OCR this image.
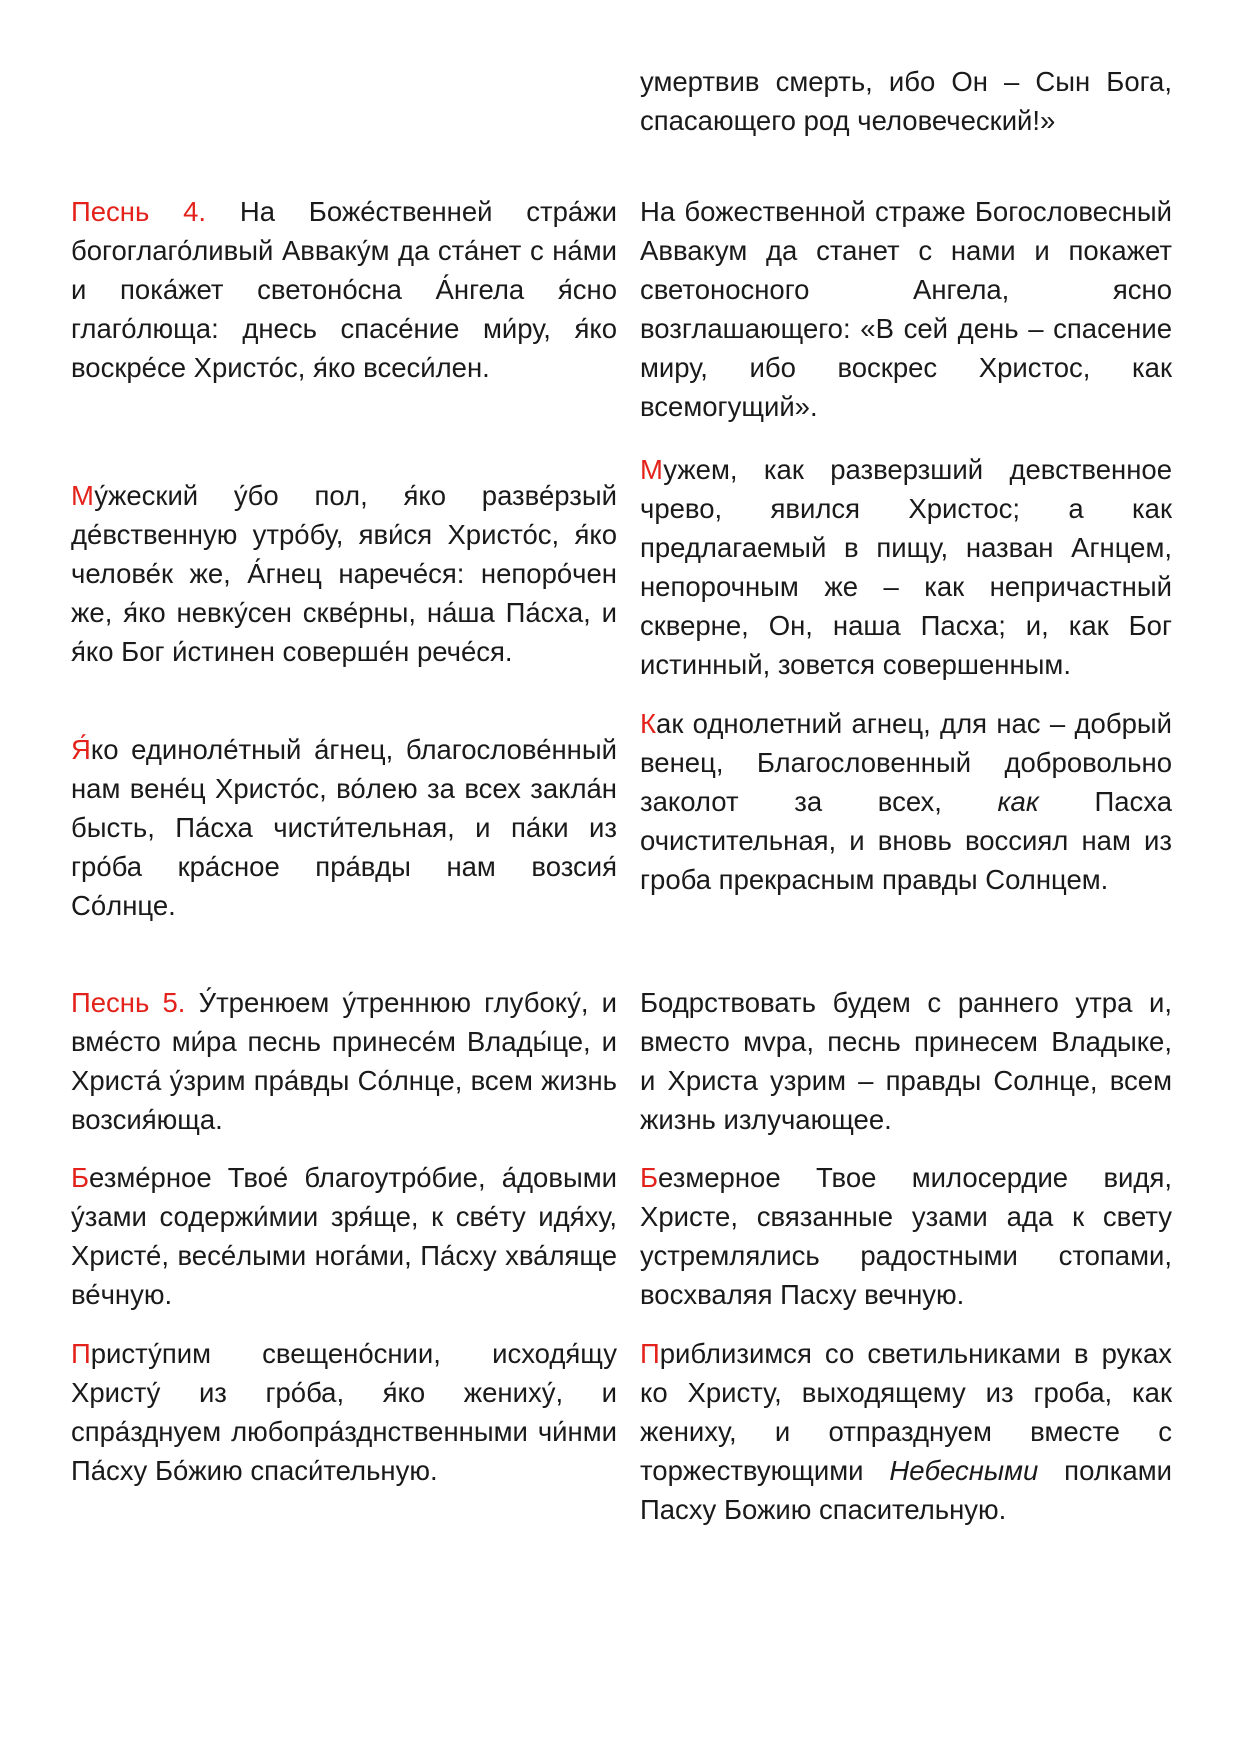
умертвив смерть, ибо Он – Сын Бога, спасающего род человеческий!»

Песнь 4. На Боже́ственней стра́жи богоглаго́ливый Авваку́м да ста́нет с на́ми и пока́жет светоно́сна А́нгела я́сно глаго́люща: днесь спасе́ние ми́ру, я́ко воскре́се Христо́с, я́ко всеси́лен.

На божественной страже Богословесный Аввакум да станет с нами и покажет светоносного Ангела, ясно возглашающего: «В сей день – спасение миру, ибо воскрес Христос, как всемогущий».

Му́жеский у́бо пол, я́ко разве́рзый де́вственную утро́бу, яви́ся Христо́с, я́ко челове́к же, А́гнец нарече́ся: непоро́чен же, я́ко невку́сен скве́рны, на́ша Па́сха, и я́ко Бог и́стинен соверше́н рече́ся.

Мужем, как разверзший девственное чрево, явился Христос; а как предлагаемый в пищу, назван Агнцем, непорочным же – как непричастный скверне, Он, наша Пасха; и, как Бог истинный, зовется совершенным.

Я́ко единоле́тный а́гнец, благослове́нный нам вене́ц Христо́с, во́лею за всех закла́н бысть, Па́сха чисти́тельная, и па́ки из гро́ба кра́сное пра́вды нам возсия́ Со́лнце.

Как однолетний агнец, для нас – добрый венец, Благословенный добровольно заколот за всех, как Пасха очистительная, и вновь воссиял нам из гроба прекрасным правды Солнцем.

Песнь 5. У́тренюем у́треннюю глубоку́, и вме́сто ми́ра песнь принесе́м Влады́це, и Христа́ у́зрим пра́вды Со́лнце, всем жизнь возсия́юща.

Бодрствовать будем с раннего утра и, вместо мvра, песнь принесем Владыке, и Христа узрим – правды Солнце, всем жизнь излучающее.

Безме́рное Твое́ благоутро́бие, а́довыми у́зами содержи́мии зря́ще, к све́ту идя́ху, Христе́, весе́лыми нога́ми, Па́сху хва́ляще ве́чную.

Безмерное Твое милосердие видя, Христе, связанные узами ада к свету устремлялись радостными стопами, восхваляя Пасху вечную.

Присту́пим свещено́снии, исходя́щу Христу́ из гро́ба, я́ко жениху́, и спра́зднуем любопра́зднственными чи́нми Па́сху Бо́жию спаси́тельную.

Приблизимся со светильниками в руках ко Христу, выходящему из гроба, как жениху, и отпразднуем вместе с торжествующими Небесными полками Пасху Божию спасительную.
